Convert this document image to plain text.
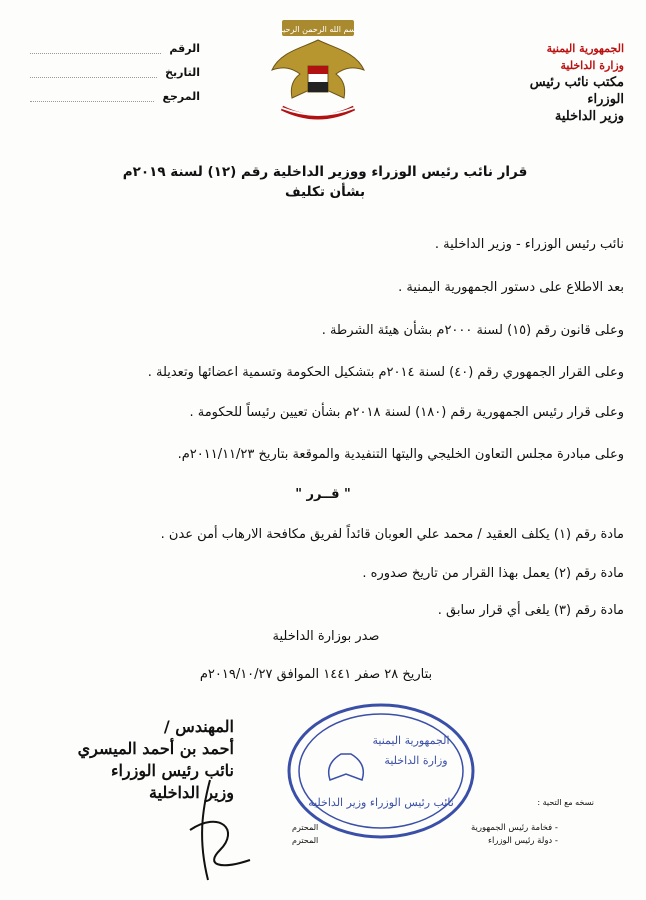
الجمهورية اليمنية
وزارة الداخلية
مكتب نائب رئيس الوزراء
وزير الداخلية
بسم الله الرحمن الرحيم
الرقم
التاريخ
المرجع
قرار نائب رئيس الوزراء ووزير الداخلية رقم (١٢) لسنة ٢٠١٩م
بشأن تكليف
نائب رئيس الوزراء - وزير الداخلية .
بعد الاطلاع على دستور الجمهورية اليمنية .
وعلى قانون رقم (١٥) لسنة ٢٠٠٠م بشأن هيئة الشرطة .
وعلى القرار الجمهوري رقم (٤٠) لسنة ٢٠١٤م بتشكيل الحكومة وتسمية اعضائها وتعديلة .
وعلى قرار رئيس الجمهورية رقم (١٨٠) لسنة ٢٠١٨م بشأن تعيين رئيساً للحكومة .
وعلى مبادرة مجلس التعاون الخليجي واليتها التنفيدية والموقعة بتاريخ ٢٠١١/١١/٢٣م.
" قــرر "
مادة رقم (١) يكلف العقيد / محمد علي العوبان قائداً لفريق مكافحة الارهاب أمن عدن .
مادة رقم (٢) يعمل بهذا القرار من تاريخ صدوره .
مادة رقم (٣) يلغى أي قرار سابق .
صدر بوزارة الداخلية
بتاريخ ٢٨ صفر ١٤٤١ الموافق ٢٠١٩/١٠/٢٧م
المهندس /
أحمد بن أحمد الميسري
نائب رئيس الوزراء
وزير الداخلية
الجمهورية اليمنية
وزارة الداخلية
نائب رئيس الوزراء وزير الداخلية	نسخه مع التحية :
- فخامة رئيس الجمهورية
- دولة رئيس الوزراء
المحترم
المحترم
